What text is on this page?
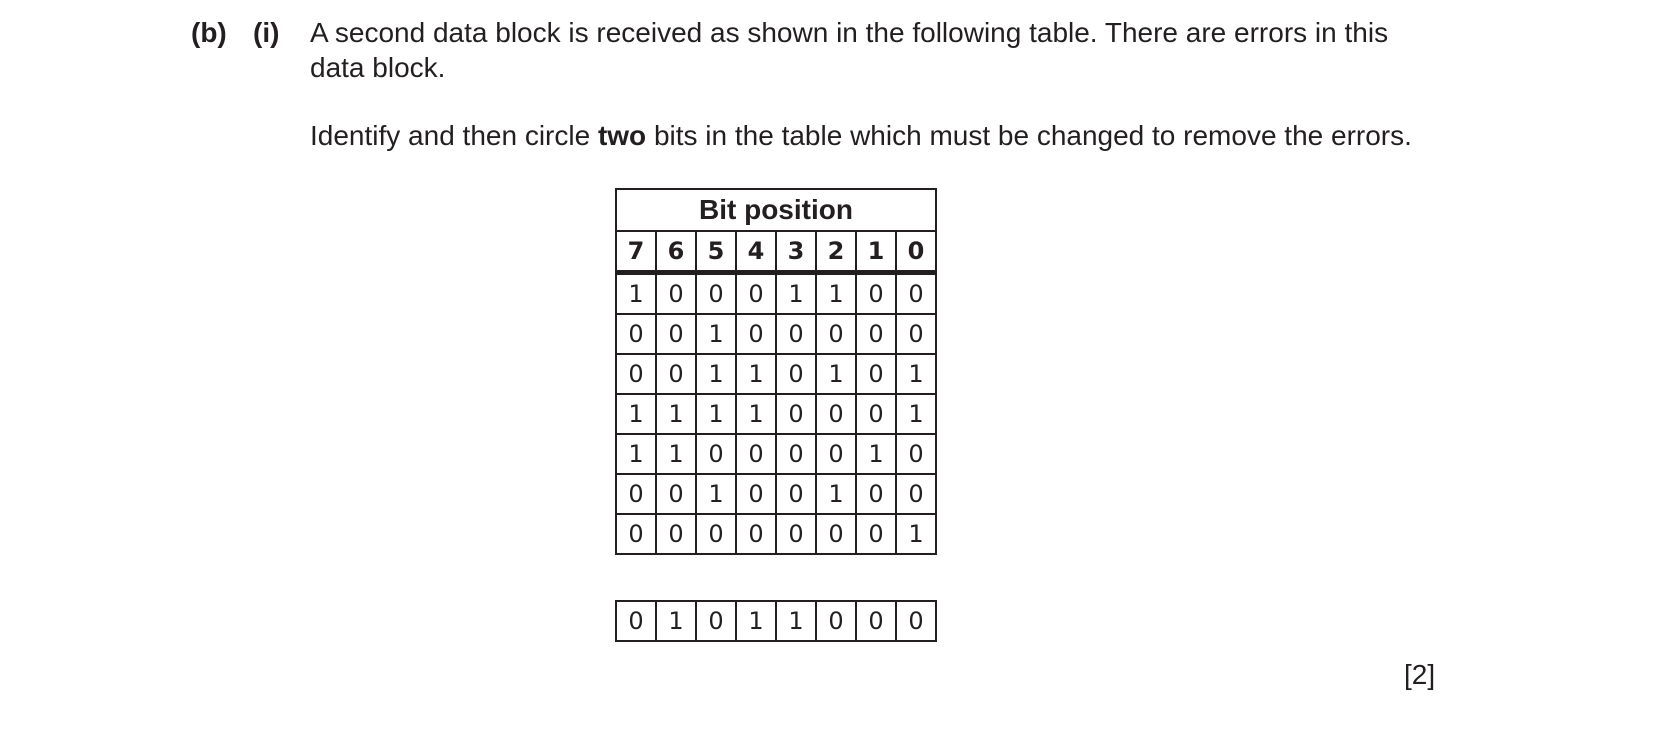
(b) (i) A second data block is received as shown in the following table. There are errors in this data block.
Identify and then circle two bits in the table which must be changed to remove the errors.
Bit position							
7	6	5	4	3	2	1	0
1	0	0	0	1	1	0	0
0	0	1	0	0	0	0	0
0	0	1	1	0	1	0	1
1	1	1	1	0	0	0	1
1	1	0	0	0	0	1	0
0	0	1	0	0	1	0	0
0	0	0	0	0	0	0	1
0	1	0	1	1	0	0	0
[2]
